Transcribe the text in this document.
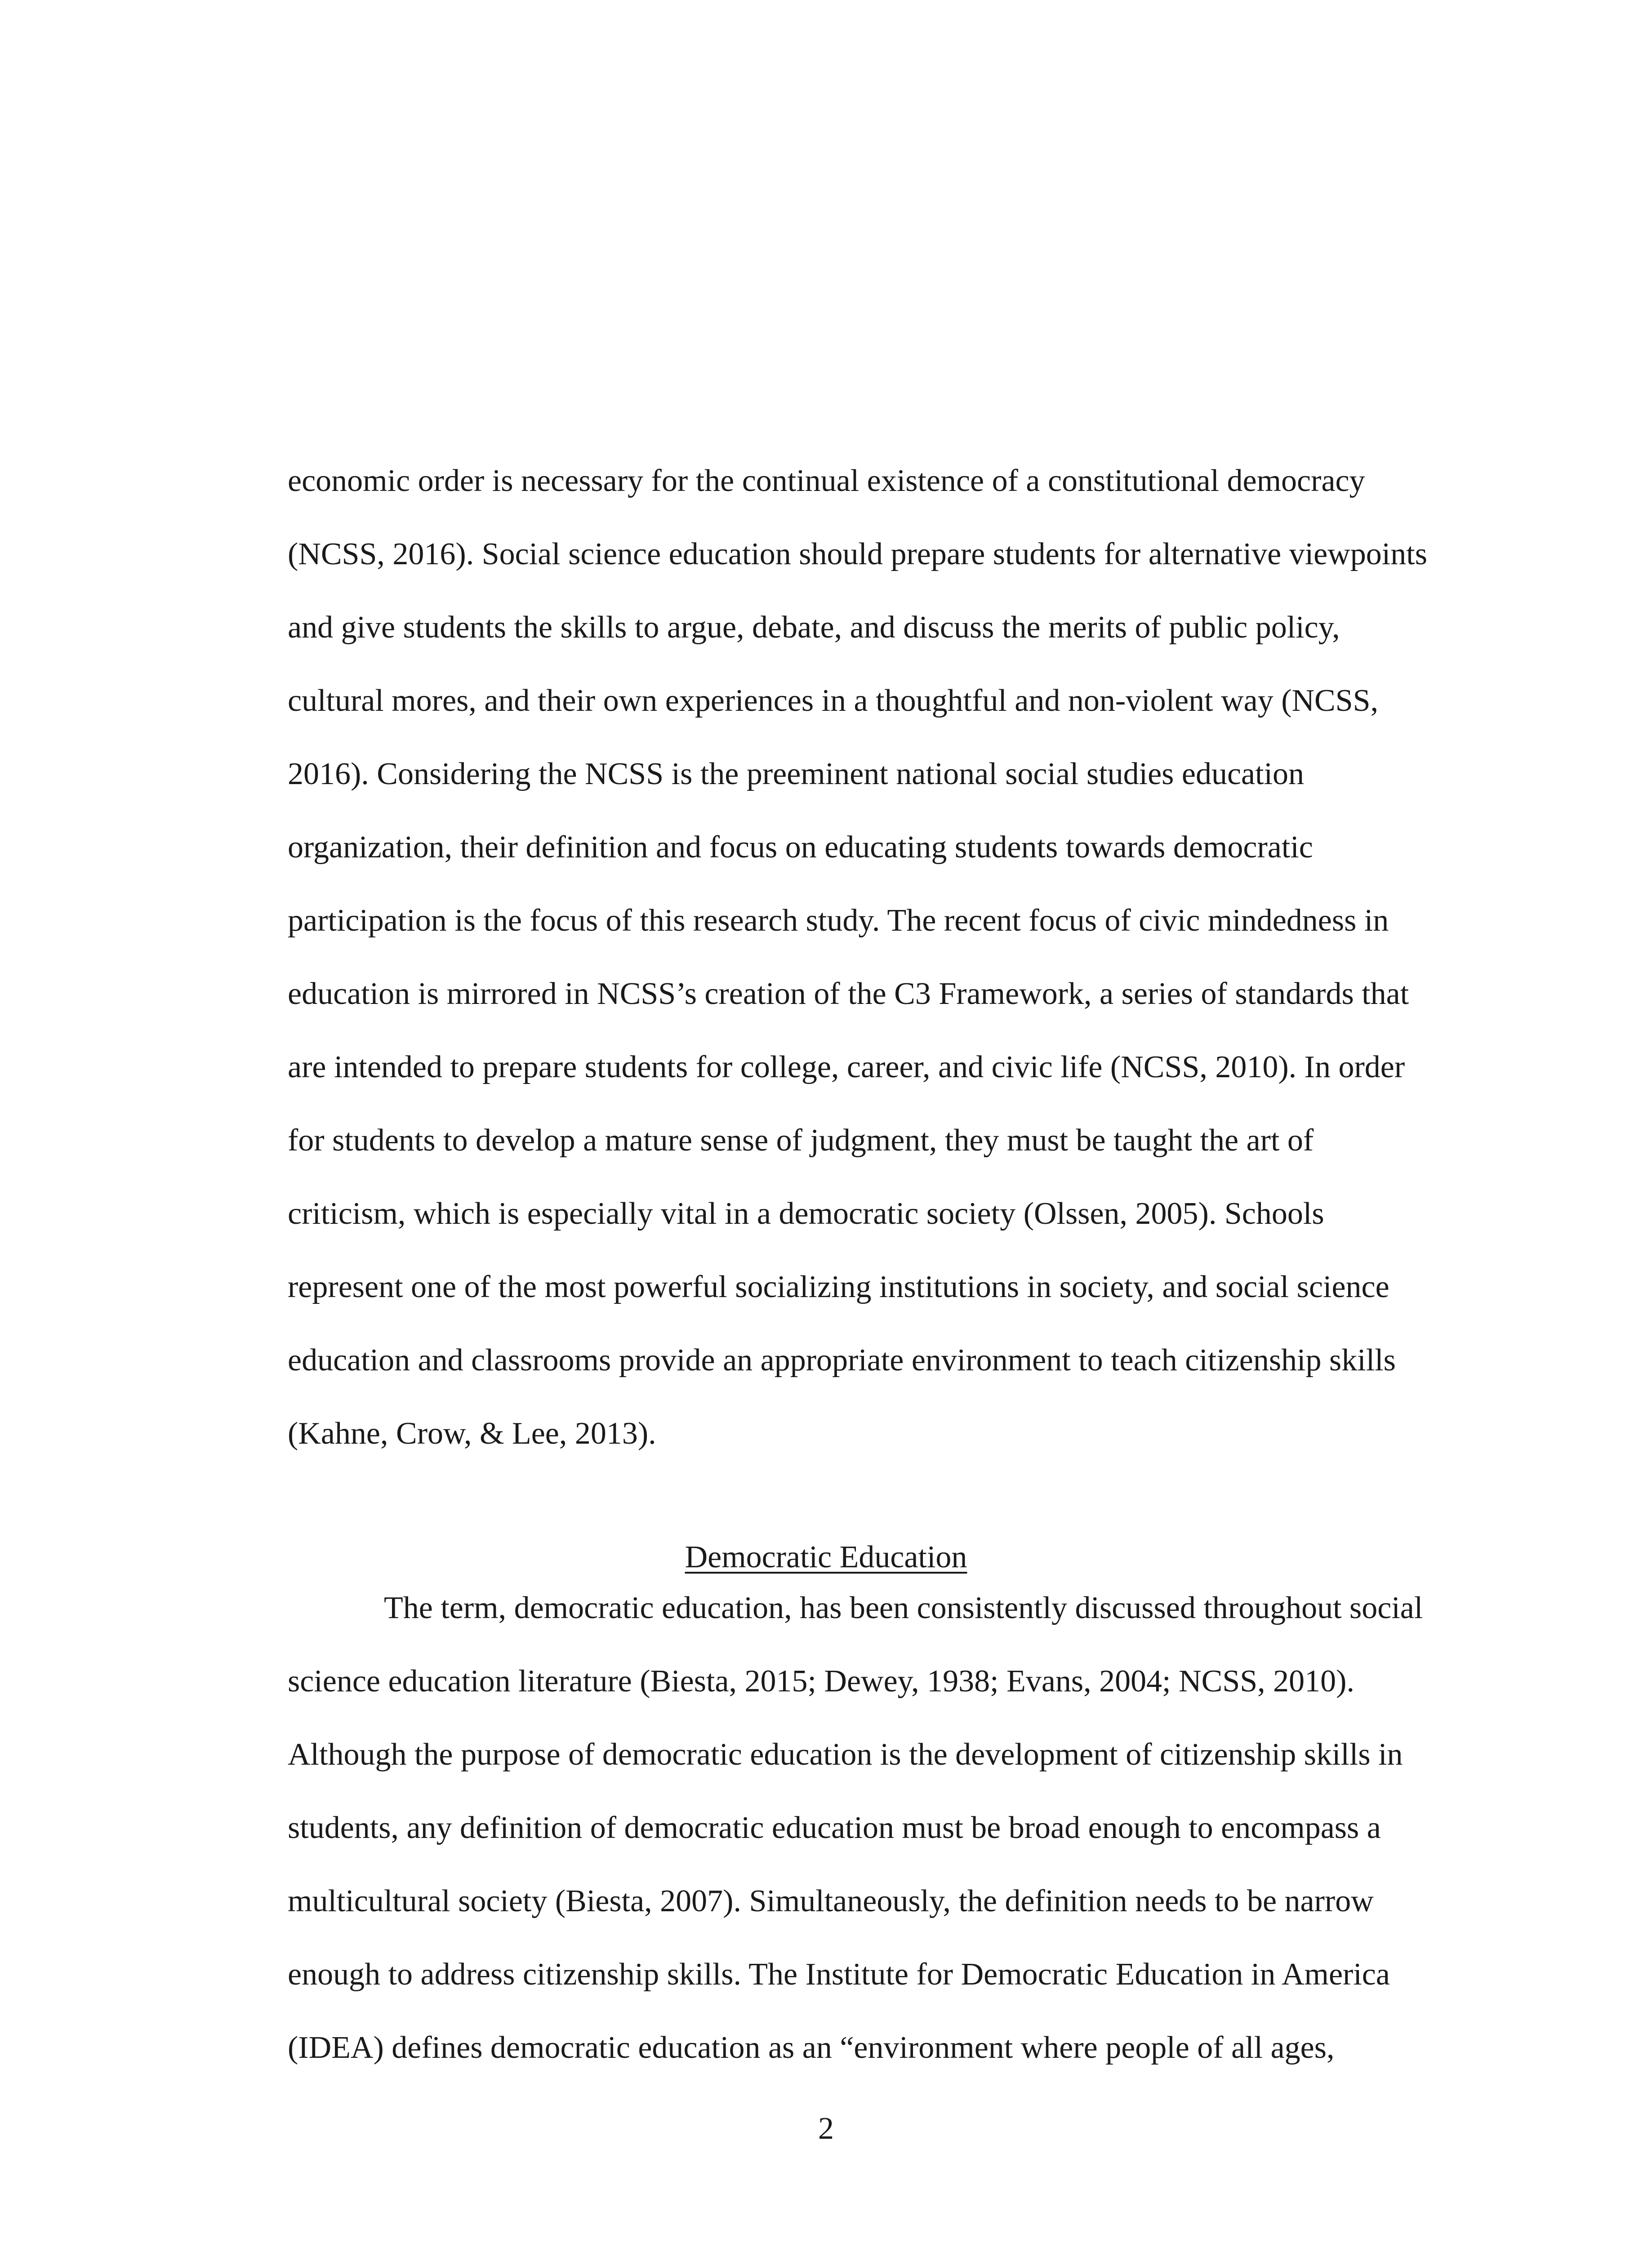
economic order is necessary for the continual existence of a constitutional democracy
(NCSS, 2016). Social science education should prepare students for alternative viewpoints
and give students the skills to argue, debate, and discuss the merits of public policy,
cultural mores, and their own experiences in a thoughtful and non-violent way (NCSS,
2016). Considering the NCSS is the preeminent national social studies education
organization, their definition and focus on educating students towards democratic
participation is the focus of this research study. The recent focus of civic mindedness in
education is mirrored in NCSS’s creation of the C3 Framework, a series of standards that
are intended to prepare students for college, career, and civic life (NCSS, 2010). In order
for students to develop a mature sense of judgment, they must be taught the art of
criticism, which is especially vital in a democratic society (Olssen, 2005). Schools
represent one of the most powerful socializing institutions in society, and social science
education and classrooms provide an appropriate environment to teach citizenship skills
(Kahne, Crow, & Lee, 2013).
Democratic Education
The term, democratic education, has been consistently discussed throughout social
science education literature (Biesta, 2015; Dewey, 1938; Evans, 2004; NCSS, 2010).
Although the purpose of democratic education is the development of citizenship skills in
students, any definition of democratic education must be broad enough to encompass a
multicultural society (Biesta, 2007). Simultaneously, the definition needs to be narrow
enough to address citizenship skills. The Institute for Democratic Education in America
(IDEA) defines democratic education as an “environment where people of all ages,
2
